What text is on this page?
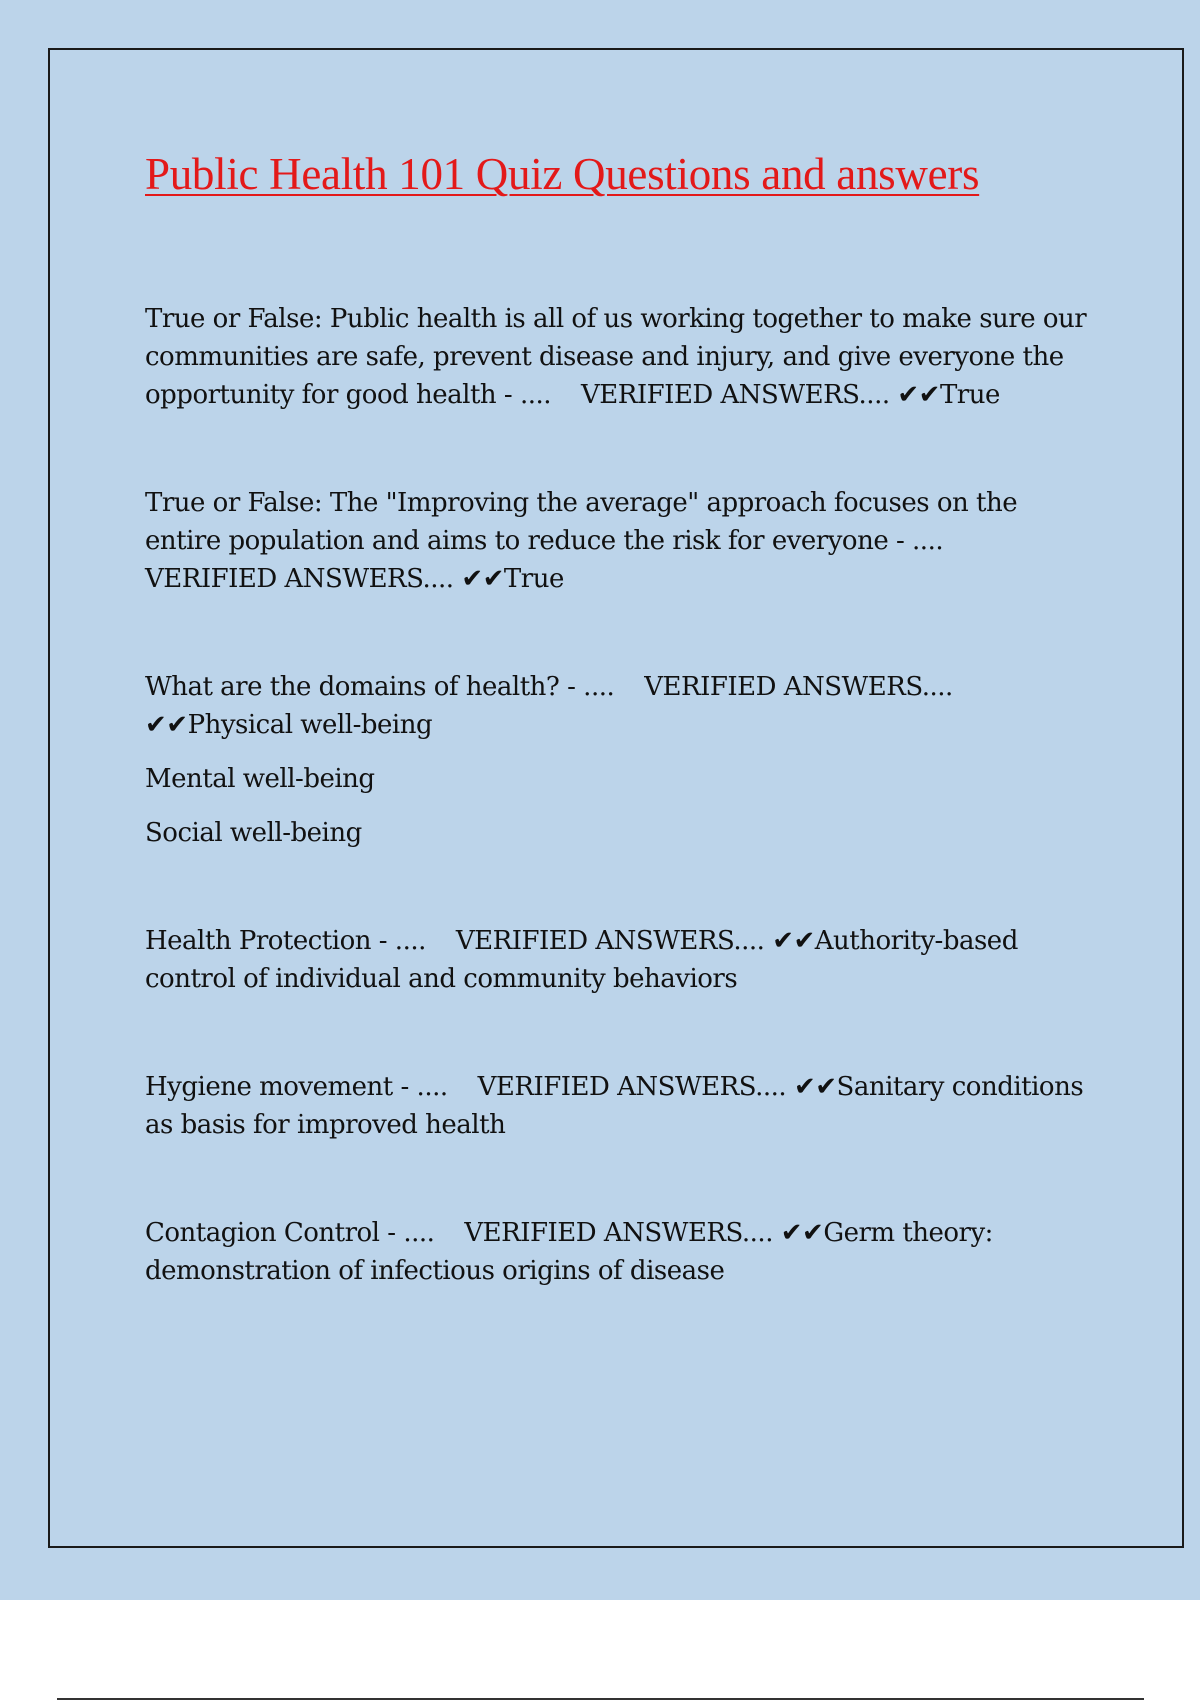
Public Health 101 Quiz Questions and answers

True or False: Public health is all of us working together to make sure our communities are safe, prevent disease and injury, and give everyone the opportunity for good health - .... VERIFIED ANSWERS.... ✔✔True

True or False: The "Improving the average" approach focuses on the entire population and aims to reduce the risk for everyone - ....VERIFIED ANSWERS.... ✔✔True

What are the domains of health? - .... VERIFIED ANSWERS.... ✔✔Physical well-being

Mental well-being

Social well-being

Health Protection - .... VERIFIED ANSWERS.... ✔✔Authority-based control of individual and community behaviors

Hygiene movement - .... VERIFIED ANSWERS.... ✔✔Sanitary conditions as basis for improved health

Contagion Control - .... VERIFIED ANSWERS.... ✔✔Germ theory: demonstration of infectious origins of disease
